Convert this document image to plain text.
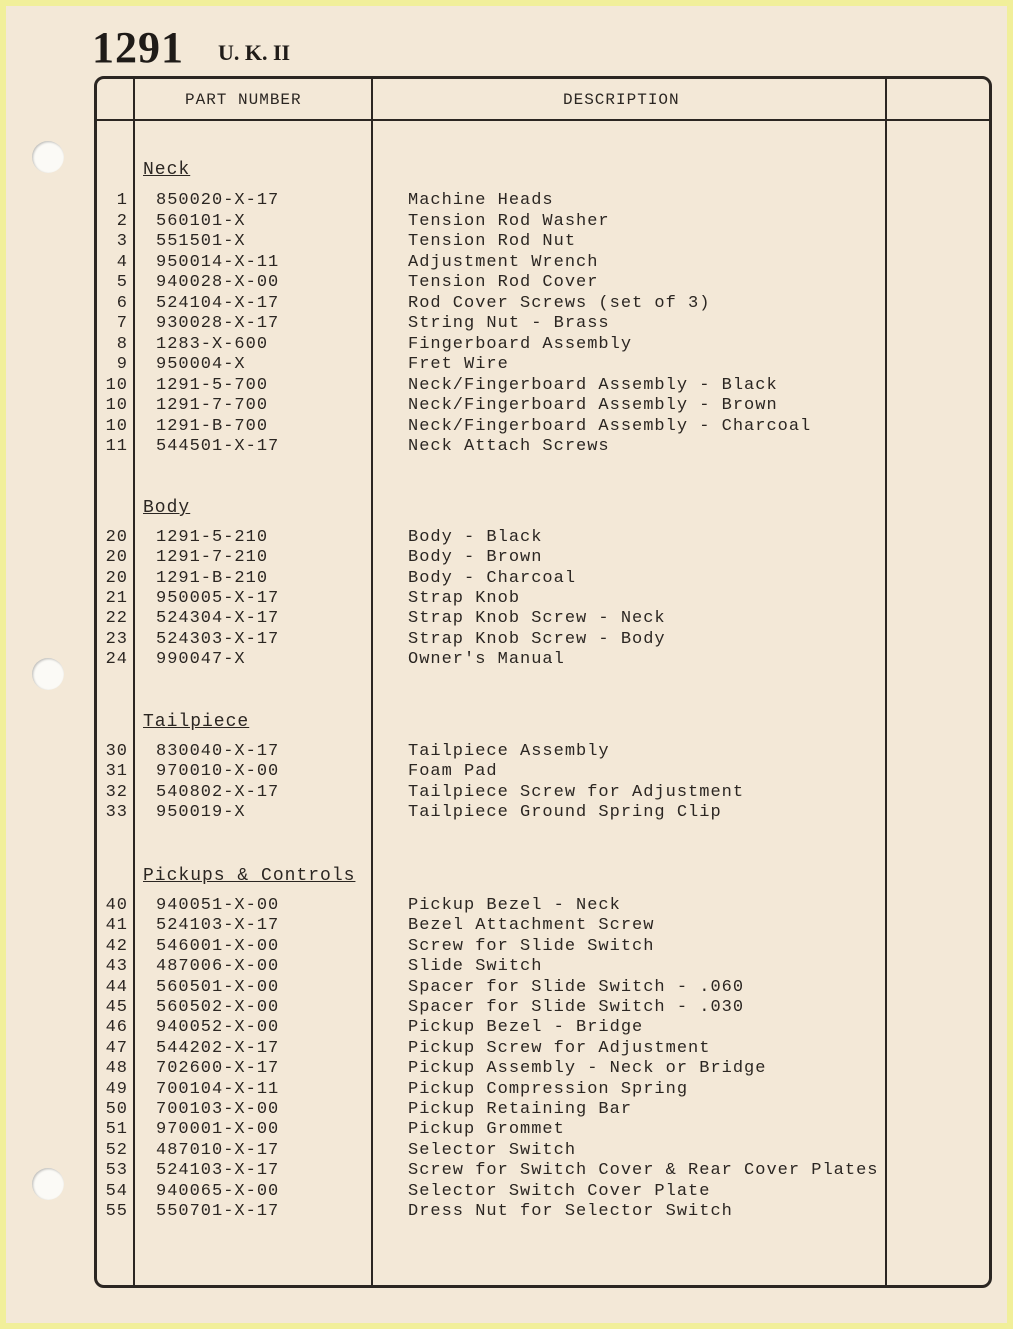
1291 U. K. II
PART NUMBER	DESCRIPTION
Neck
1 850020-X-17	Machine Heads
2 560101-X	Tension Rod Washer
3 551501-X	Tension Rod Nut
4 950014-X-11	Adjustment Wrench
5 940028-X-00	Tension Rod Cover
6 524104-X-17	Rod Cover Screws (set of 3)
7 930028-X-17	String Nut - Brass
8 1283-X-600	Fingerboard Assembly
9 950004-X	Fret Wire
10 1291-5-700	Neck/Fingerboard Assembly - Black
10 1291-7-700	Neck/Fingerboard Assembly - Brown
10 1291-B-700	Neck/Fingerboard Assembly - Charcoal
11 544501-X-17	Neck Attach Screws
Body
20 1291-5-210	Body - Black
20 1291-7-210	Body - Brown
20 1291-B-210	Body - Charcoal
21 950005-X-17	Strap Knob
22 524304-X-17	Strap Knob Screw - Neck
23 524303-X-17	Strap Knob Screw - Body
24 990047-X	Owner's Manual
Tailpiece
30 830040-X-17	Tailpiece Assembly
31 970010-X-00	Foam Pad
32 540802-X-17	Tailpiece Screw for Adjustment
33 950019-X	Tailpiece Ground Spring Clip
Pickups & Controls
40 940051-X-00	Pickup Bezel - Neck
41 524103-X-17	Bezel Attachment Screw
42 546001-X-00	Screw for Slide Switch
43 487006-X-00	Slide Switch
44 560501-X-00	Spacer for Slide Switch - .060
45 560502-X-00	Spacer for Slide Switch - .030
46 940052-X-00	Pickup Bezel - Bridge
47 544202-X-17	Pickup Screw for Adjustment
48 702600-X-17	Pickup Assembly - Neck or Bridge
49 700104-X-11	Pickup Compression Spring
50 700103-X-00	Pickup Retaining Bar
51 970001-X-00	Pickup Grommet
52 487010-X-17	Selector Switch
53 524103-X-17	Screw for Switch Cover & Rear Cover Plates
54 940065-X-00	Selector Switch Cover Plate
55 550701-X-17	Dress Nut for Selector Switch
